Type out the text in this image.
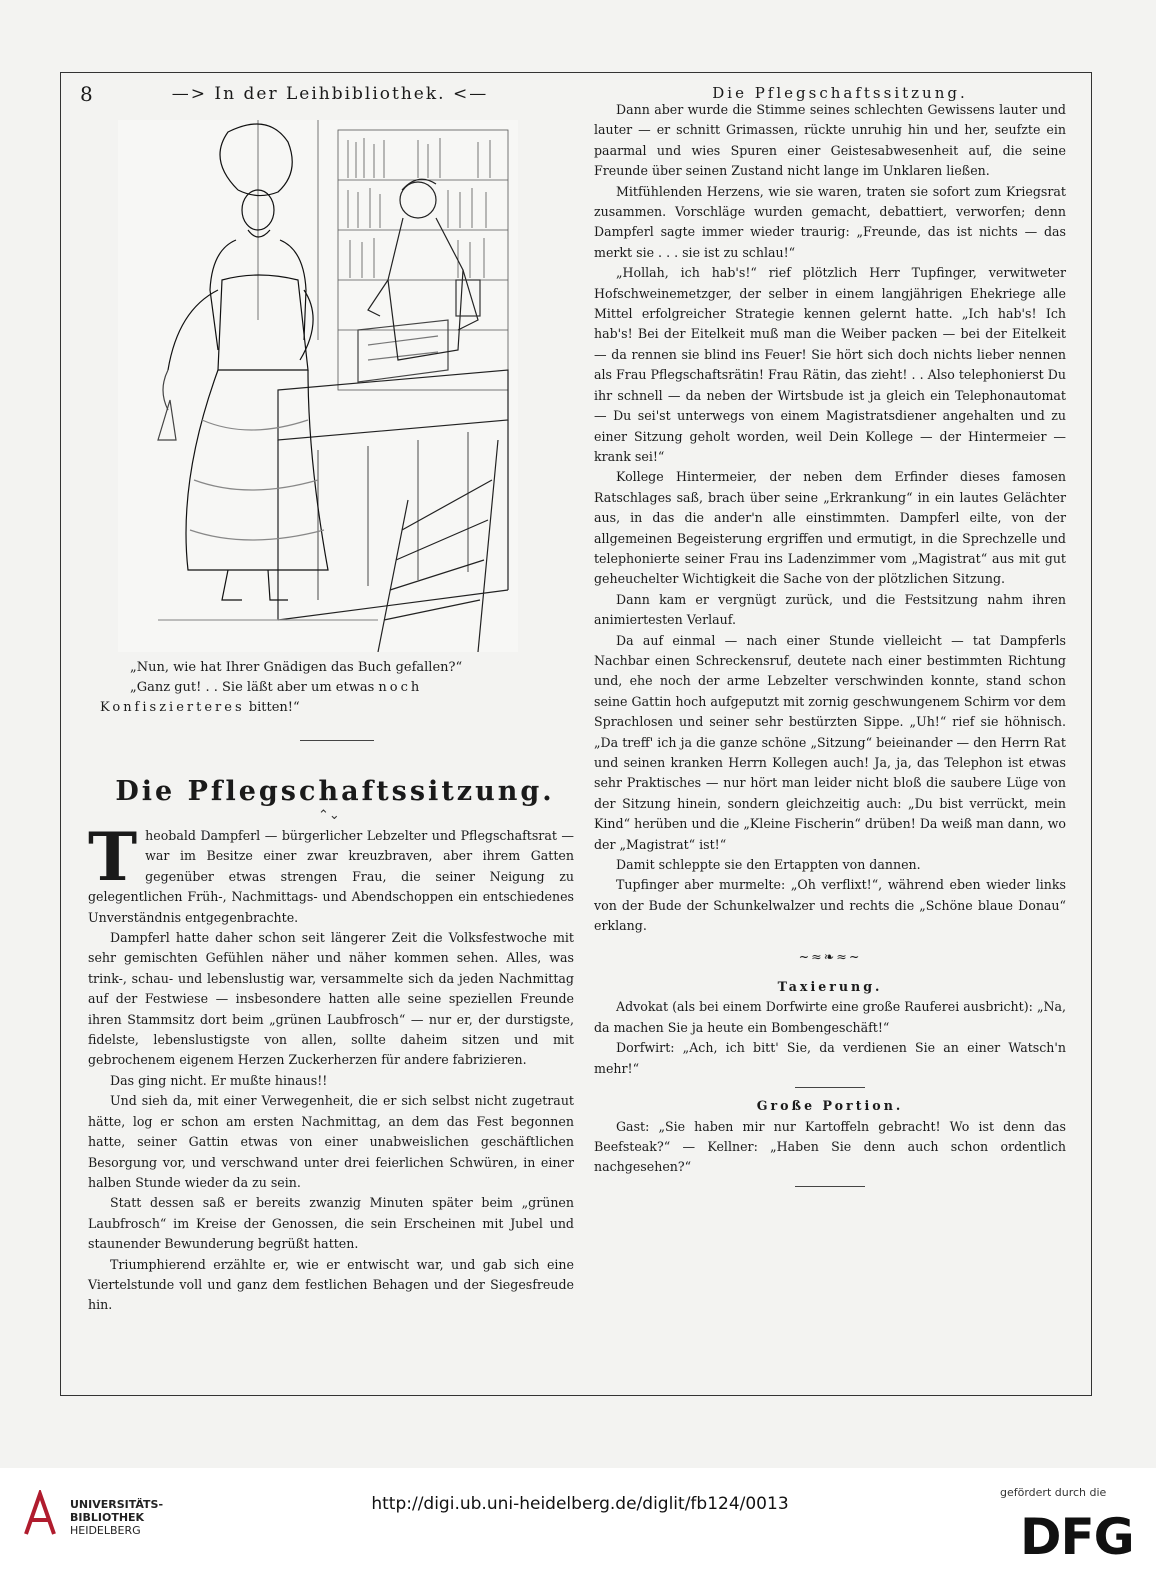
8	—> In der Leihbibliothek. <—	Die Pflegschaftssitzung.
„Nun, wie hat Ihrer Gnädigen das Buch gefallen?“
„Ganz gut! . . Sie läßt aber um etwas noch Konfiszierteres bitten!“
Die Pflegschaftssitzung.
⌃⌄

Theobald Dampferl — bürgerlicher Lebzelter und Pflegschaftsrat — war im Besitze einer zwar kreuzbraven, aber ihrem Gatten gegenüber etwas strengen Frau, die seiner Neigung zu gelegentlichen Früh-, Nachmittags- und Abendschoppen ein entschiedenes Unverständnis entgegenbrachte.

Dampferl hatte daher schon seit längerer Zeit die Volksfestwoche mit sehr gemischten Gefühlen näher und näher kommen sehen. Alles, was trink-, schau- und lebenslustig war, versammelte sich da jeden Nachmittag auf der Festwiese — insbesondere hatten alle seine speziellen Freunde ihren Stammsitz dort beim „grünen Laubfrosch“ — nur er, der durstigste, fidelste, lebenslustigste von allen, sollte daheim sitzen und mit gebrochenem eigenem Herzen Zuckerherzen für andere fabrizieren.

Das ging nicht. Er mußte hinaus!!

Und sieh da, mit einer Verwegenheit, die er sich selbst nicht zugetraut hätte, log er schon am ersten Nachmittag, an dem das Fest begonnen hatte, seiner Gattin etwas von einer unabweislichen geschäftlichen Besorgung vor, und verschwand unter drei feierlichen Schwüren, in einer halben Stunde wieder da zu sein.

Statt dessen saß er bereits zwanzig Minuten später beim „grünen Laubfrosch“ im Kreise der Genossen, die sein Erscheinen mit Jubel und staunender Bewunderung begrüßt hatten.

Triumphierend erzählte er, wie er entwischt war, und gab sich eine Viertelstunde voll und ganz dem festlichen Behagen und der Siegesfreude hin.

Dann aber wurde die Stimme seines schlechten Gewissens lauter und lauter — er schnitt Grimassen, rückte unruhig hin und her, seufzte ein paarmal und wies Spuren einer Geistesabwesenheit auf, die seine Freunde über seinen Zustand nicht lange im Unklaren ließen.

Mitfühlenden Herzens, wie sie waren, traten sie sofort zum Kriegsrat zusammen. Vorschläge wurden gemacht, debattiert, verworfen; denn Dampferl sagte immer wieder traurig: „Freunde, das ist nichts — das merkt sie . . . sie ist zu schlau!“

„Hollah, ich hab's!“ rief plötzlich Herr Tupfinger, verwitweter Hofschweinemetzger, der selber in einem langjährigen Ehekriege alle Mittel erfolgreicher Strategie kennen gelernt hatte. „Ich hab's! Ich hab's! Bei der Eitelkeit muß man die Weiber packen — bei der Eitelkeit — da rennen sie blind ins Feuer! Sie hört sich doch nichts lieber nennen als Frau Pflegschaftsrätin! Frau Rätin, das zieht! . . Also telephonierst Du ihr schnell — da neben der Wirtsbude ist ja gleich ein Telephonautomat — Du sei'st unterwegs von einem Magistratsdiener angehalten und zu einer Sitzung geholt worden, weil Dein Kollege — der Hintermeier — krank sei!“

Kollege Hintermeier, der neben dem Erfinder dieses famosen Ratschlages saß, brach über seine „Erkrankung“ in ein lautes Gelächter aus, in das die ander'n alle einstimmten. Dampferl eilte, von der allgemeinen Begeisterung ergriffen und ermutigt, in die Sprechzelle und telephonierte seiner Frau ins Ladenzimmer vom „Magistrat“ aus mit gut geheuchelter Wichtigkeit die Sache von der plötzlichen Sitzung.

Dann kam er vergnügt zurück, und die Festsitzung nahm ihren animiertesten Verlauf.

Da auf einmal — nach einer Stunde vielleicht — tat Dampferls Nachbar einen Schreckensruf, deutete nach einer bestimmten Richtung und, ehe noch der arme Lebzelter verschwinden konnte, stand schon seine Gattin hoch aufgeputzt mit zornig geschwungenem Schirm vor dem Sprachlosen und seiner sehr bestürzten Sippe. „Uh!“ rief sie höhnisch. „Da treff' ich ja die ganze schöne „Sitzung“ beieinander — den Herrn Rat und seinen kranken Herrn Kollegen auch! Ja, ja, das Telephon ist etwas sehr Praktisches — nur hört man leider nicht bloß die saubere Lüge von der Sitzung hinein, sondern gleichzeitig auch: „Du bist verrückt, mein Kind“ herüben und die „Kleine Fischerin“ drüben! Da weiß man dann, wo der „Magistrat“ ist!“

Damit schleppte sie den Ertappten von dannen.

Tupfinger aber murmelte: „Oh verflixt!“, während eben wieder links von der Bude der Schunkelwalzer und rechts die „Schöne blaue Donau“ erklang.

~≈❧≈~

Taxierung.

Advokat (als bei einem Dorfwirte eine große Rauferei ausbricht): „Na, da machen Sie ja heute ein Bombengeschäft!“

Dorfwirt: „Ach, ich bitt' Sie, da verdienen Sie an einer Watsch'n mehr!“

Große Portion.

Gast: „Sie haben mir nur Kartoffeln gebracht! Wo ist denn das Beefsteak?“ — Kellner: „Haben Sie denn auch schon ordentlich nachgesehen?“

UNIVERSITÄTS-
BIBLIOTHEK
HEIDELBERG
http://digi.ub.uni-heidelberg.de/diglit/fb124/0013
gefördert durch die
DFG
